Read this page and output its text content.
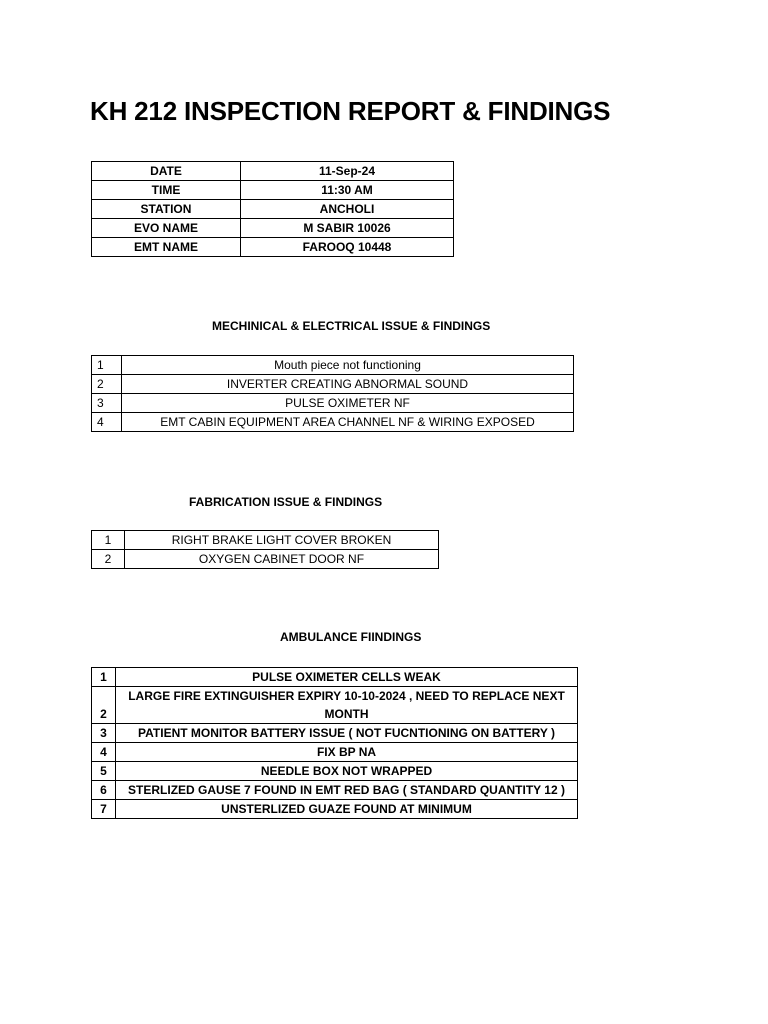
KH 212 INSPECTION REPORT & FINDINGS
DATE	11-Sep-24
TIME	11:30 AM
STATION	ANCHOLI
EVO NAME	M SABIR 10026
EMT NAME	FAROOQ 10448
MECHINICAL & ELECTRICAL ISSUE & FINDINGS
1	Mouth piece not functioning
2	INVERTER CREATING ABNORMAL SOUND
3	PULSE OXIMETER NF
4	EMT CABIN EQUIPMENT AREA CHANNEL NF & WIRING EXPOSED
FABRICATION ISSUE & FINDINGS
1	RIGHT BRAKE LIGHT COVER BROKEN
2	OXYGEN CABINET DOOR NF
AMBULANCE FIINDINGS
1	PULSE OXIMETER CELLS WEAK
2	LARGE FIRE EXTINGUISHER EXPIRY 10-10-2024 , NEED TO REPLACE NEXT MONTH
3	PATIENT MONITOR BATTERY ISSUE ( NOT FUCNTIONING ON BATTERY )
4	FIX BP NA
5	NEEDLE BOX NOT WRAPPED
6	STERLIZED GAUSE 7 FOUND IN EMT RED BAG ( STANDARD QUANTITY 12 )
7	UNSTERLIZED GUAZE FOUND AT MINIMUM
